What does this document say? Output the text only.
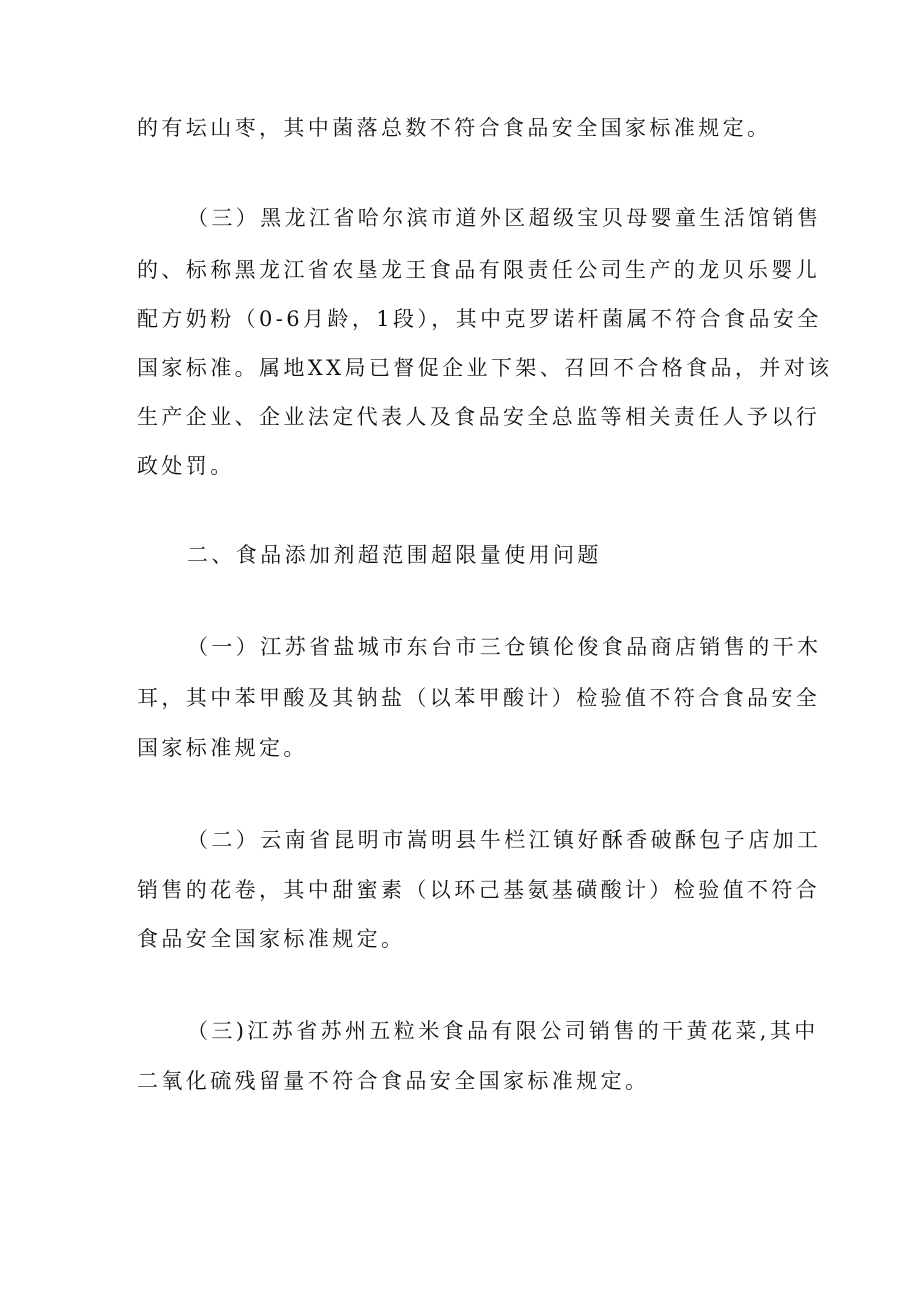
的有坛山枣，其中菌落总数不符合食品安全国家标准规定。

（三）黑龙江省哈尔滨市道外区超级宝贝母婴童生活馆销售

的、标称黑龙江省农垦龙王食品有限责任公司生产的龙贝乐婴儿

配方奶粉（0-6月龄，1段），其中克罗诺杆菌属不符合食品安全

国家标准。属地XX局已督促企业下架、召回不合格食品，并对该

生产企业、企业法定代表人及食品安全总监等相关责任人予以行

政处罚。

二、食品添加剂超范围超限量使用问题

（一）江苏省盐城市东台市三仓镇伦俊食品商店销售的干木

耳，其中苯甲酸及其钠盐（以苯甲酸计）检验值不符合食品安全

国家标准规定。

（二）云南省昆明市嵩明县牛栏江镇好酥香破酥包子店加工

销售的花卷，其中甜蜜素（以环己基氨基磺酸计）检验值不符合

食品安全国家标准规定。

（三)江苏省苏州五粒米食品有限公司销售的干黄花菜,其中

二氧化硫残留量不符合食品安全国家标准规定。
